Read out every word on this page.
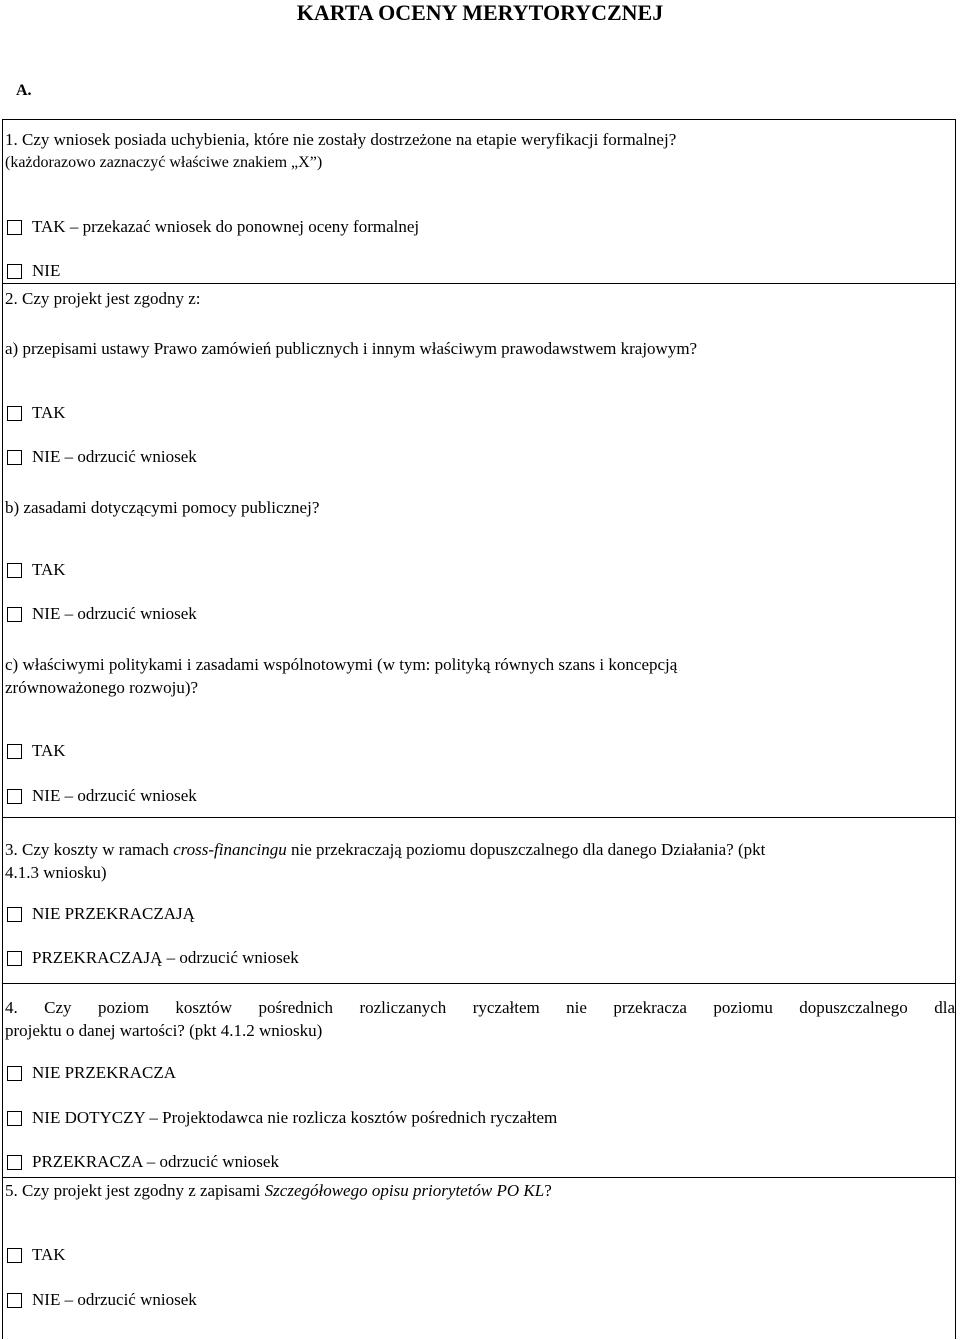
KARTA OCENY MERYTORYCZNEJ
A.
1. Czy wniosek posiada uchybienia, które nie zostały dostrzeżone na etapie weryfikacji formalnej?
(każdorazowo zaznaczyć właściwe znakiem „X”)
TAK – przekazać wniosek do ponownej oceny formalnej
NIE
2. Czy projekt jest zgodny z:
a) przepisami ustawy Prawo zamówień publicznych i innym właściwym prawodawstwem krajowym?
TAK
NIE – odrzucić wniosek
b) zasadami dotyczącymi pomocy publicznej?
TAK
NIE – odrzucić wniosek
c) właściwymi politykami i zasadami wspólnotowymi (w tym: polityką równych szans i koncepcją
zrównoważonego rozwoju)?
TAK
NIE – odrzucić wniosek
3. Czy koszty w ramach cross-financingu nie przekraczają poziomu dopuszczalnego dla danego Działania? (pkt
4.1.3 wniosku)
NIE PRZEKRACZAJĄ
PRZEKRACZAJĄ – odrzucić wniosek
4. Czy poziom kosztów pośrednich rozliczanych ryczałtem nie przekracza poziomu dopuszczalnego dla
projektu o danej wartości? (pkt 4.1.2 wniosku)
NIE PRZEKRACZA
NIE DOTYCZY – Projektodawca nie rozlicza kosztów pośrednich ryczałtem
PRZEKRACZA – odrzucić wniosek
5. Czy projekt jest zgodny z zapisami Szczegółowego opisu priorytetów PO KL?
TAK
NIE – odrzucić wniosek
